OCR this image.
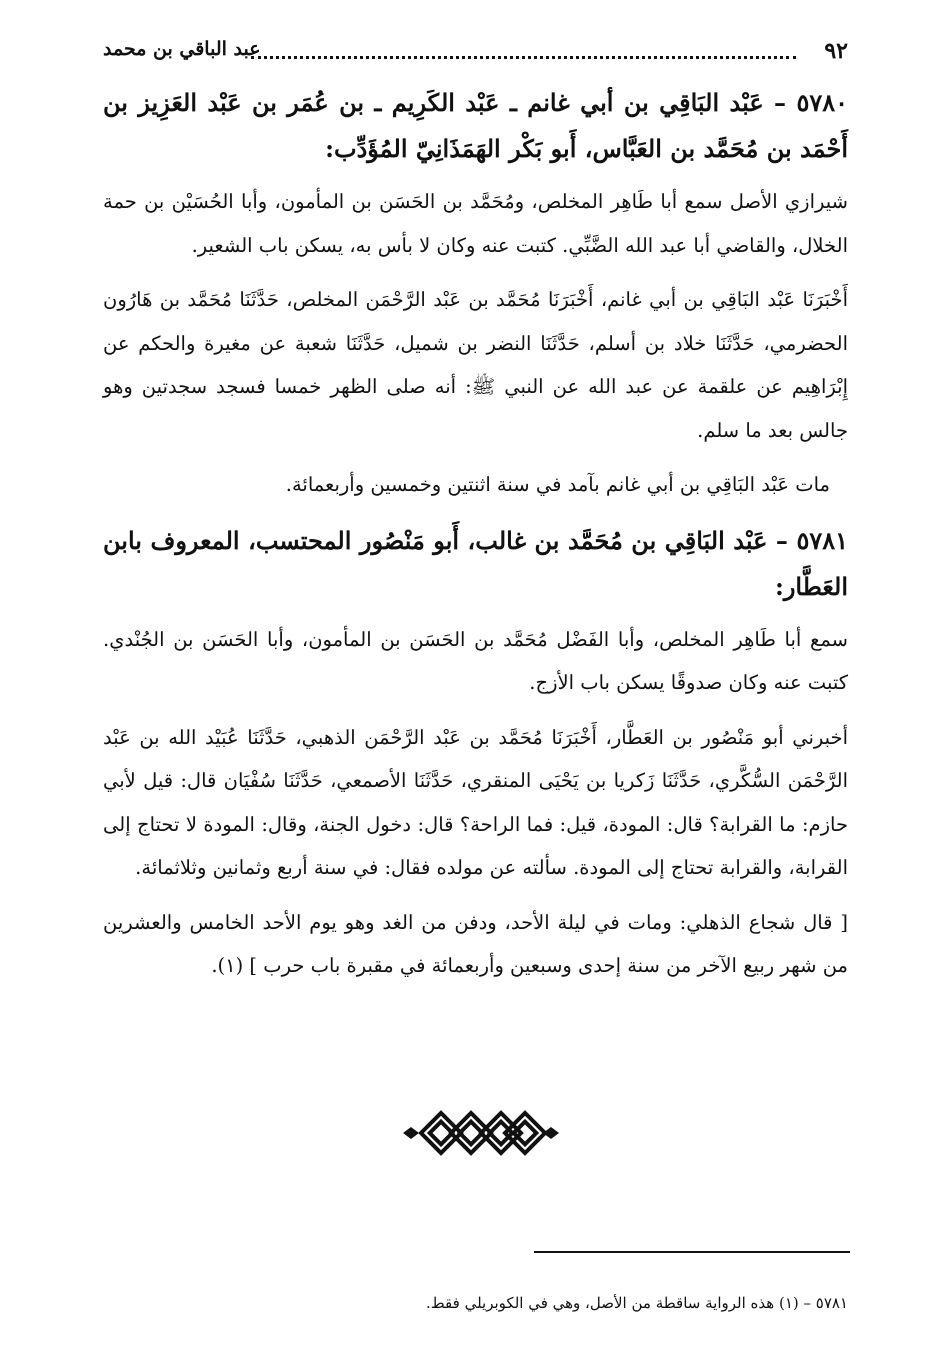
٩٢
عبد الباقي بن محمد

٥٧٨٠ – عَبْد البَاقِي بن أبي غانم ـ عَبْد الكَرِيم ـ بن عُمَر بن عَبْد العَزِيز بن أَحْمَد بن مُحَمَّد بن العَبَّاس، أَبو بَكْر الهَمَذَانِيّ المُؤَدِّب:

شيرازي الأصل سمع أبا طَاهِر المخلص، ومُحَمَّد بن الحَسَن بن المأمون، وأبا الحُسَيْن بن حمة الخلال، والقاضي أبا عبد الله الضَّبِّي. كتبت عنه وكان لا بأس به، يسكن باب الشعير.

أَخْبَرَنَا عَبْد البَاقِي بن أبي غانم، أَخْبَرَنَا مُحَمَّد بن عَبْد الرَّحْمَن المخلص، حَدَّثَنَا مُحَمَّد بن هَارُون الحضرمي، حَدَّثَنَا خلاد بن أسلم، حَدَّثَنَا النضر بن شميل، حَدَّثَنَا شعبة عن مغيرة والحكم عن إِبْرَاهِيم عن علقمة عن عبد الله عن النبي ﷺ: أنه صلى الظهر خمسا فسجد سجدتين وهو جالس بعد ما سلم.

مات عَبْد البَاقِي بن أبي غانم بآمد في سنة اثنتين وخمسين وأربعمائة.

٥٧٨١ – عَبْد البَاقِي بن مُحَمَّد بن غالب، أَبو مَنْصُور المحتسب، المعروف بابن العَطَّار:

سمع أبا طَاهِر المخلص، وأبا الفَضْل مُحَمَّد بن الحَسَن بن المأمون، وأبا الحَسَن بن الجُنْدي. كتبت عنه وكان صدوقًا يسكن باب الأزج.

أخبرني أبو مَنْصُور بن العَطَّار، أَخْبَرَنَا مُحَمَّد بن عَبْد الرَّحْمَن الذهبي، حَدَّثَنَا عُبَيْد الله بن عَبْد الرَّحْمَن السُّكَّري، حَدَّثَنَا زَكريا بن يَحْيَى المنقري، حَدَّثَنَا الأصمعي، حَدَّثَنَا سُفْيَان قال: قيل لأبي حازم: ما القرابة؟ قال: المودة، قيل: فما الراحة؟ قال: دخول الجنة، وقال: المودة لا تحتاج إلى القرابة، والقرابة تحتاج إلى المودة. سألته عن مولده فقال: في سنة أربع وثمانين وثلاثمائة.

[ قال شجاع الذهلي: ومات في ليلة الأحد، ودفن من الغد وهو يوم الأحد الخامس والعشرين من شهر ربيع الآخر من سنة إحدى وسبعين وأربعمائة في مقبرة باب حرب ] (١).

٥٧٨١ – (١) هذه الرواية ساقطة من الأصل، وهي في الكوبريلي فقط.
